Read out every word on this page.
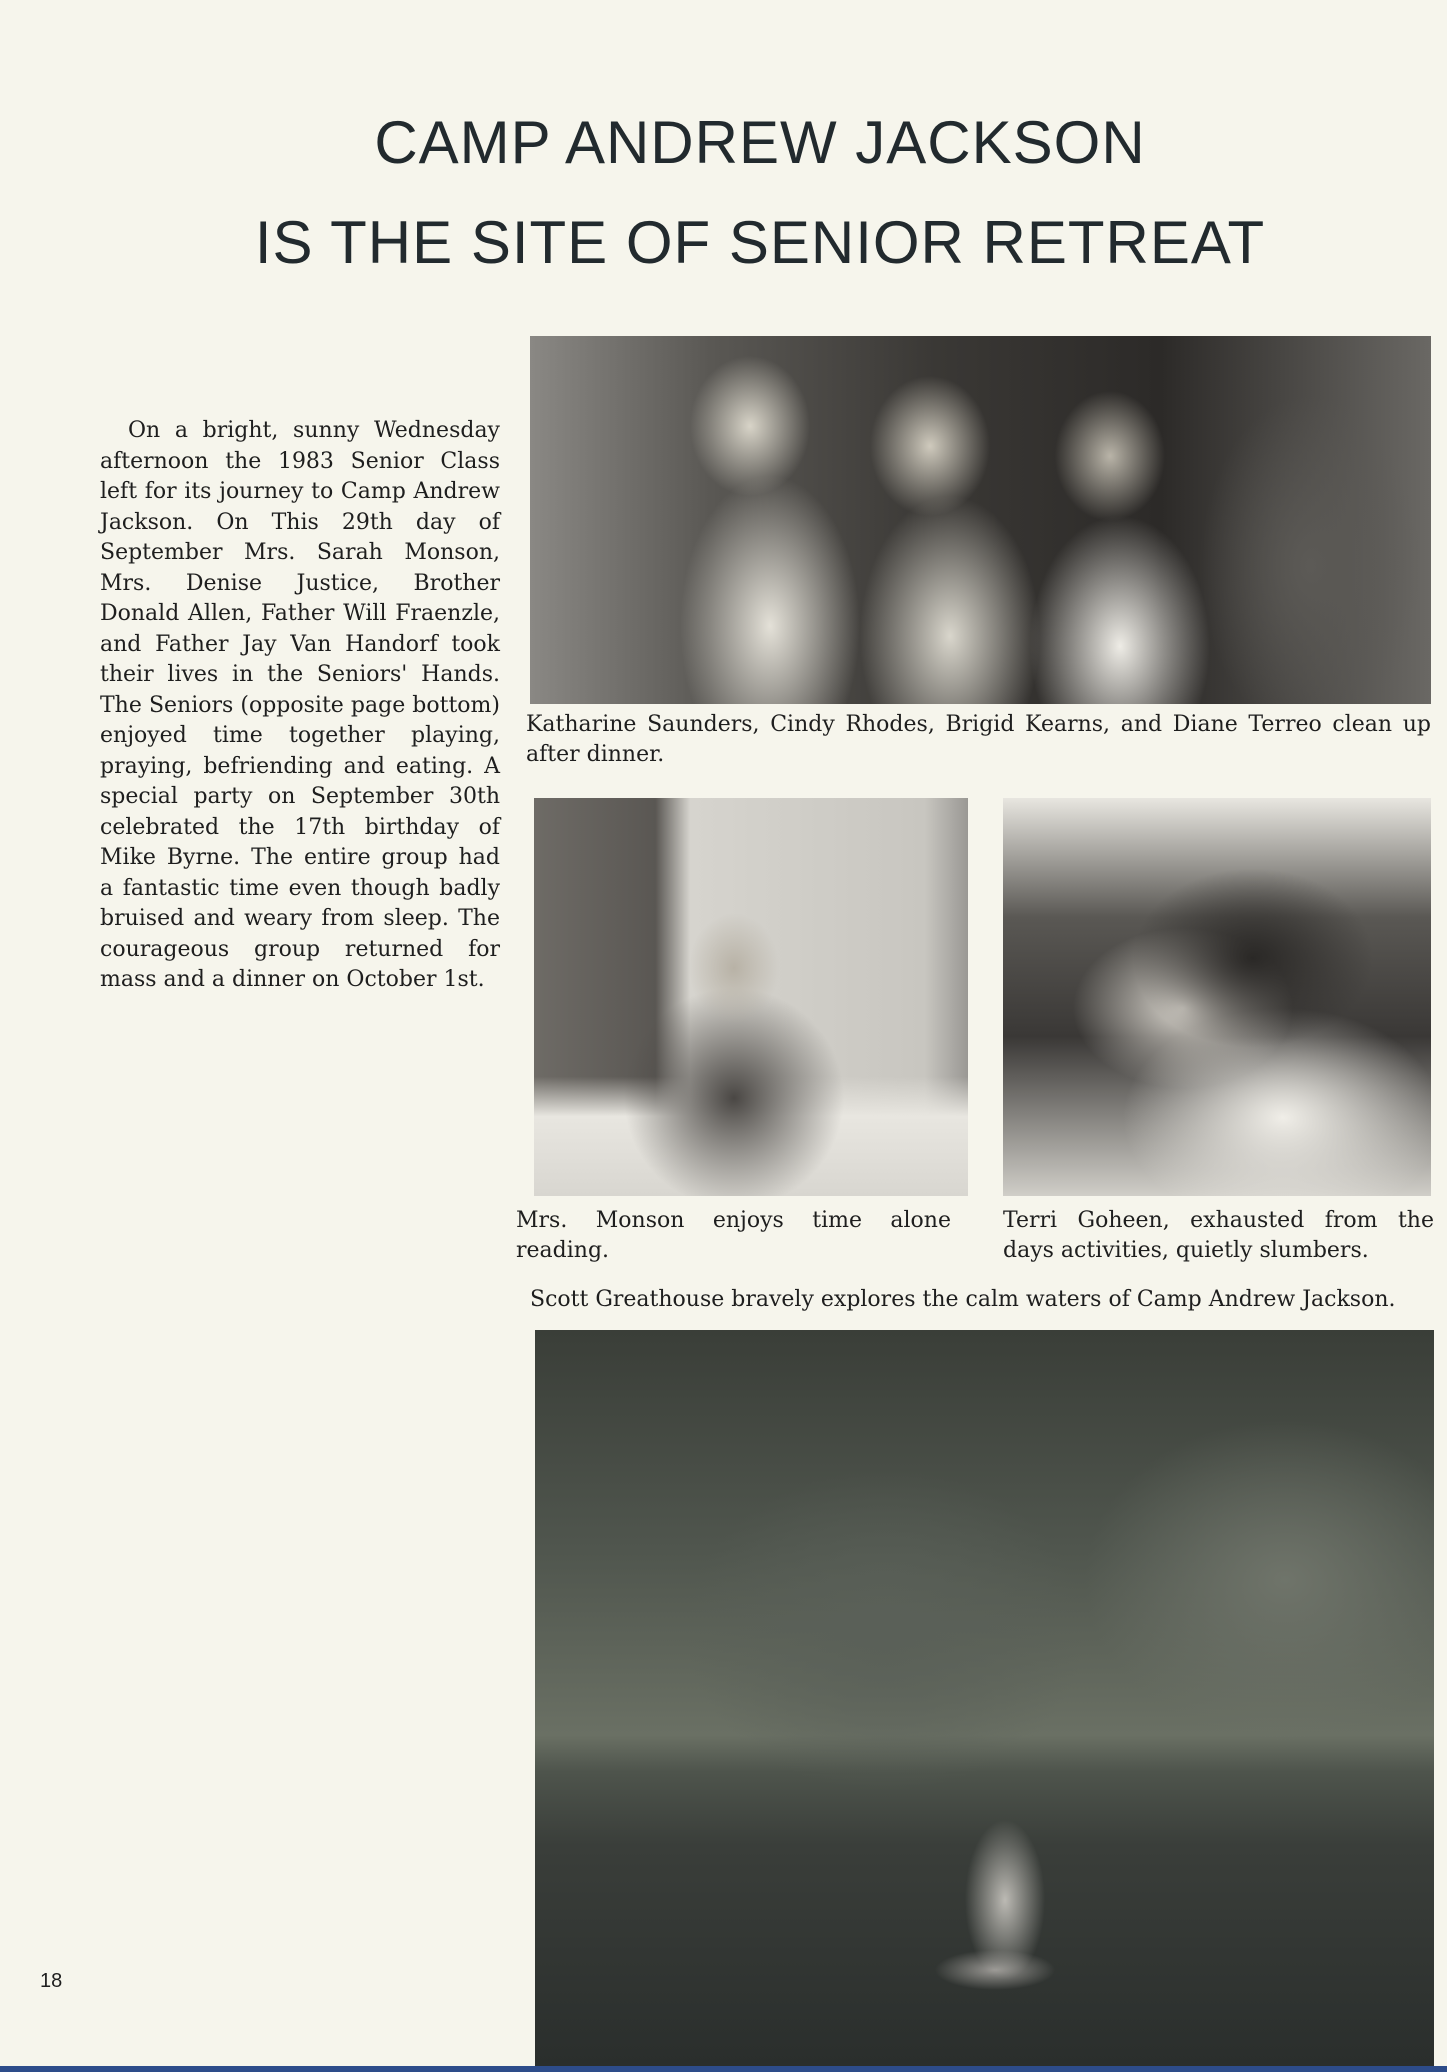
CAMP ANDREW JACKSON
IS THE SITE OF SENIOR RETREAT

On a bright, sunny Wednesday afternoon the 1983 Senior Class left for its journey to Camp Andrew Jackson. On This 29th day of September Mrs. Sarah Monson, Mrs. Denise Justice, Brother Donald Allen, Father Will Fraenzle, and Father Jay Van Handorf took their lives in the Seniors' Hands. The Seniors (opposite page bottom) enjoyed time together playing, praying, befriending and eating. A special party on September 30th celebrated the 17th birthday of Mike Byrne. The entire group had a fantastic time even though badly bruised and weary from sleep. The courageous group returned for mass and a dinner on October 1st.

Katharine Saunders, Cindy Rhodes, Brigid Kearns, and Diane Terreo clean up after dinner.

Mrs. Monson enjoys time alone reading.

Terri Goheen, exhausted from the days activities, quietly slumbers.

Scott Greathouse bravely explores the calm waters of Camp Andrew Jackson.

18
